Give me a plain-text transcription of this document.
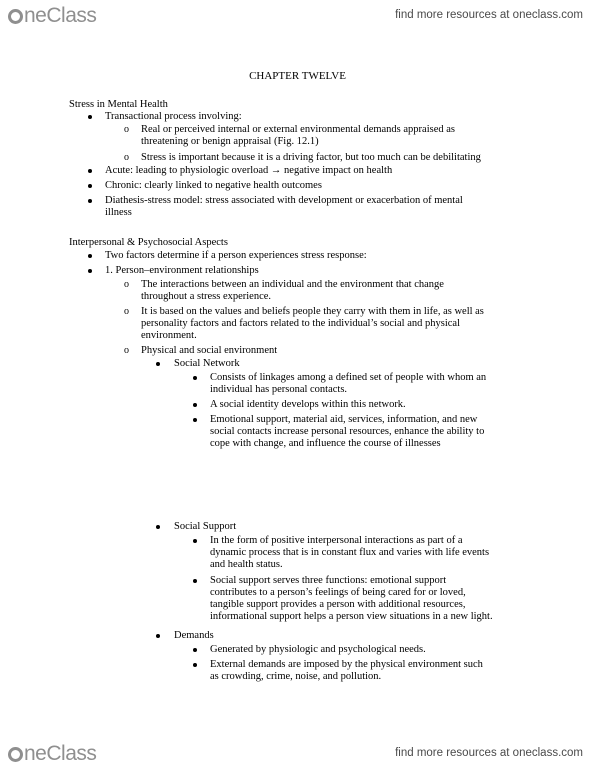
neClass	find more resources at oneclass.com
CHAPTER TWELVE
Stress in Mental Health
Transactional process involving:
o Real or perceived internal or external environmental demands appraised as
threatening or benign appraisal (Fig. 12.1)
o Stress is important because it is a driving factor, but too much can be debilitating
Acute: leading to physiologic overload → negative impact on health
Chronic: clearly linked to negative health outcomes
Diathesis-stress model: stress associated with development or exacerbation of mental
illness
Interpersonal & Psychosocial Aspects
Two factors determine if a person experiences stress response:
1. Person–environment relationships
o The interactions between an individual and the environment that change
throughout a stress experience.
o It is based on the values and beliefs people they carry with them in life, as well as
personality factors and factors related to the individual’s social and physical
environment.
o Physical and social environment
Social Network
Consists of linkages among a defined set of people with whom an
individual has personal contacts.
A social identity develops within this network.
Emotional support, material aid, services, information, and new
social contacts increase personal resources, enhance the ability to
cope with change, and influence the course of illnesses
Social Support
In the form of positive interpersonal interactions as part of a
dynamic process that is in constant flux and varies with life events
and health status.
Social support serves three functions: emotional support
contributes to a person’s feelings of being cared for or loved,
tangible support provides a person with additional resources,
informational support helps a person view situations in a new light.
Demands
Generated by physiologic and psychological needs.
External demands are imposed by the physical environment such
as crowding, crime, noise, and pollution.
neClass	find more resources at oneclass.com
